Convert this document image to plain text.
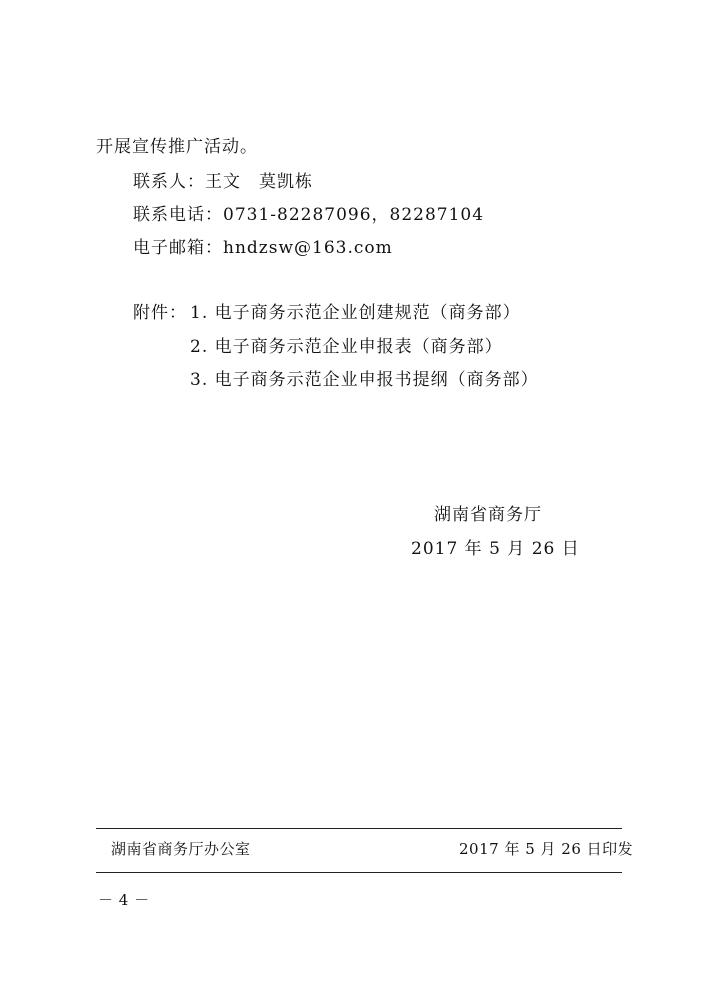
开展宣传推广活动。
联系人：王文　莫凯栋
联系电话：0731-82287096，82287104
电子邮箱：hndzsw@163.com
附件： 1. 电子商务示范企业创建规范（商务部）
2. 电子商务示范企业申报表（商务部）
3. 电子商务示范企业申报书提纲（商务部）
湖南省商务厅
2017 年 5 月 26 日
湖南省商务厅办公室	2017 年 5 月 26 日印发
－ 4 －
